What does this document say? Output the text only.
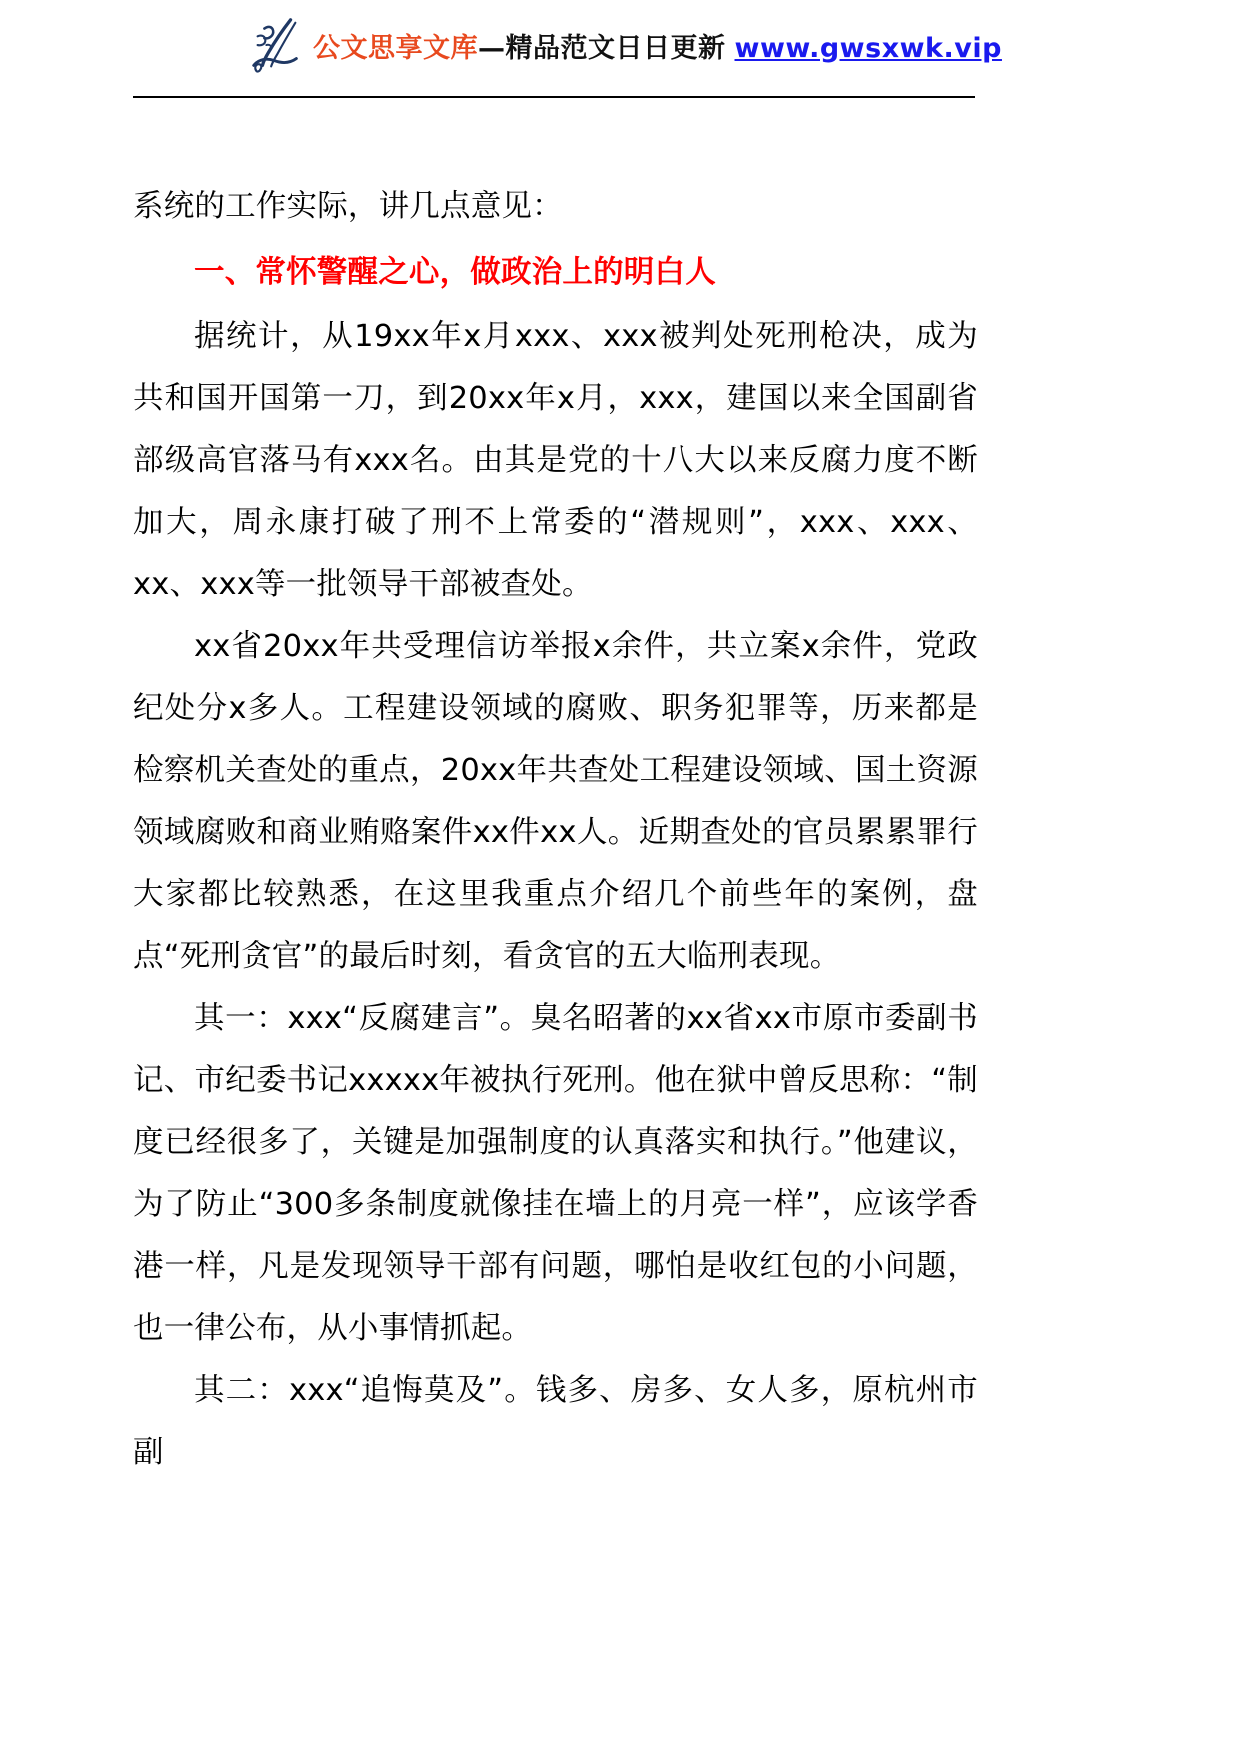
公文思享文库 —精品范文日日更新 www.gwsxwk.vip

系统的工作实际，讲几点意见：

一、常怀警醒之心，做政治上的明白人

据统计，从19xx年x月xxx、xxx被判处死刑枪决，成为共和国开国第一刀，到20xx年x月，xxx，建国以来全国副省部级高官落马有xxx名。由其是党的十八大以来反腐力度不断加大，周永康打破了刑不上常委的“潜规则”，xxx、xxx、xx、xxx等一批领导干部被查处。

xx省20xx年共受理信访举报x余件，共立案x余件，党政纪处分x多人。工程建设领域的腐败、职务犯罪等，历来都是检察机关查处的重点，20xx年共查处工程建设领域、国土资源领域腐败和商业贿赂案件xx件xx人。近期查处的官员累累罪行大家都比较熟悉，在这里我重点介绍几个前些年的案例，盘点“死刑贪官”的最后时刻，看贪官的五大临刑表现。

其一：xxx“反腐建言”。臭名昭著的xx省xx市原市委副书记、市纪委书记xxxxx年被执行死刑。他在狱中曾反思称：“制度已经很多了，关键是加强制度的认真落实和执行。”他建议，为了防止“300多条制度就像挂在墙上的月亮一样”，应该学香港一样，凡是发现领导干部有问题，哪怕是收红包的小问题，也一律公布，从小事情抓起。

其二：xxx“追悔莫及”。钱多、房多、女人多，原杭州市副
